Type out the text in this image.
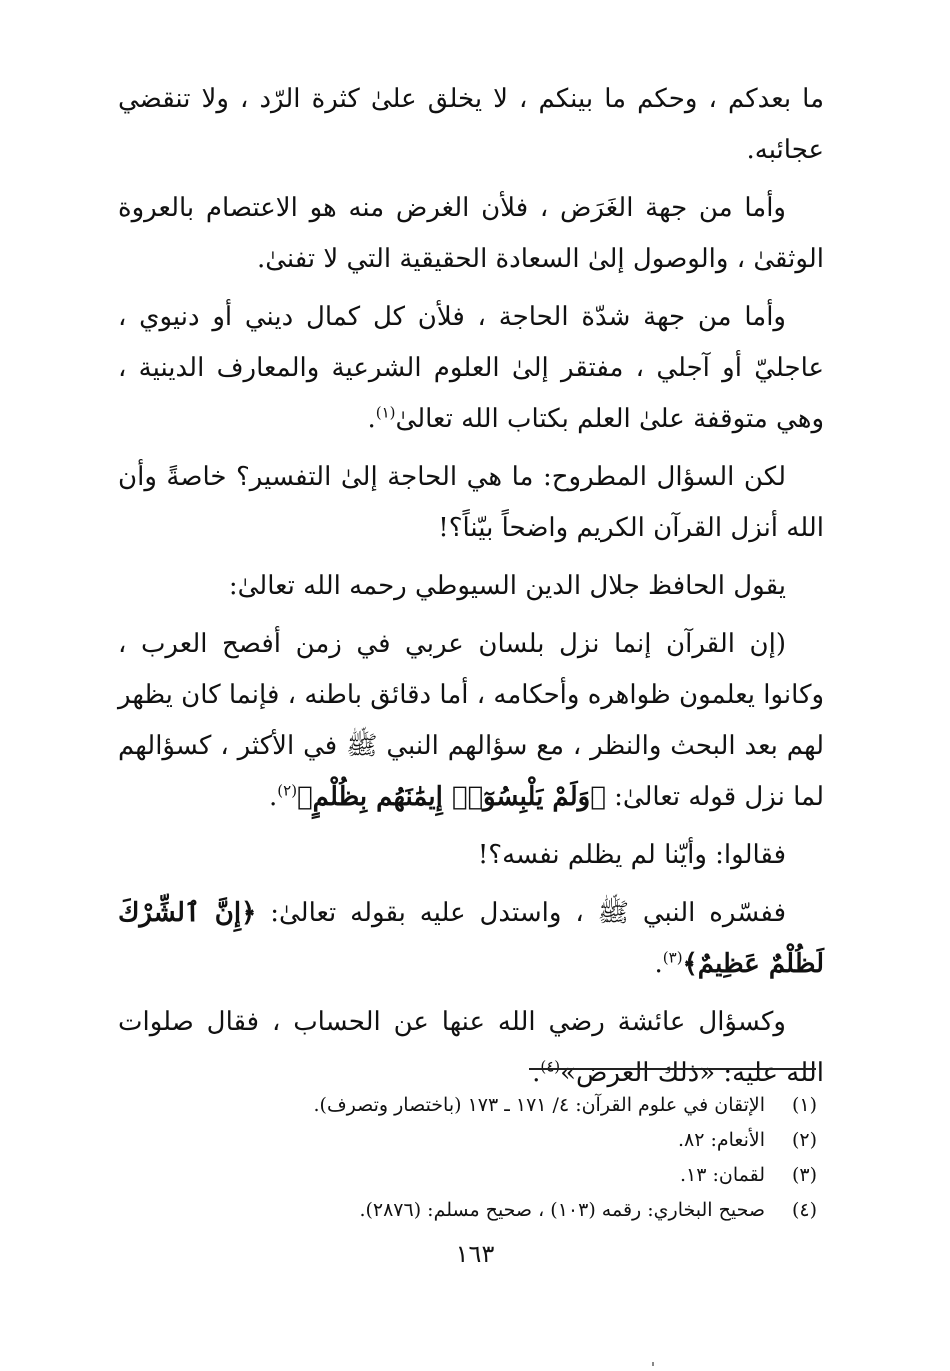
ما بعدكم ، وحكم ما بينكم ، لا يخلق علىٰ كثرة الرّد ، ولا تنقضي عجائبه.

وأما من جهة الغَرَض ، فلأن الغرض منه هو الاعتصام بالعروة الوثقىٰ ، والوصول إلىٰ السعادة الحقيقية التي لا تفنىٰ.

وأما من جهة شدّة الحاجة ، فلأن كل كمال ديني أو دنيوي ، عاجليّ أو آجلي ، مفتقر إلىٰ العلوم الشرعية والمعارف الدينية ، وهي متوقفة علىٰ العلم بكتاب الله تعالىٰ$^{(١)}$.

لكن السؤال المطروح: ما هي الحاجة إلىٰ التفسير؟ خاصةً وأن الله أنزل القرآن الكريم واضحاً بيّناً؟!

يقول الحافظ جلال الدين السيوطي رحمه الله تعالىٰ:

(إن القرآن إنما نزل بلسان عربي في زمن أفصح العرب ، وكانوا يعلمون ظواهره وأحكامه ، أما دقائق باطنه ، فإنما كان يظهر لهم بعد البحث والنظر ، مع سؤالهم النبي ﷺ في الأكثر ، كسؤالهم لما نزل قوله تعالىٰ: ﴿وَلَمْ يَلْبِسُوٓا۟ إِيمَٰنَهُم بِظُلْمٍ﴾$^{(٢)}$.

فقالوا: وأيّنا لم يظلم نفسه؟!

ففسّره النبي ﷺ ، واستدل عليه بقوله تعالىٰ: ﴿إِنَّ ٱلشِّرْكَ لَظُلْمٌ عَظِيمٌ﴾$^{(٣)}$.

وكسؤال عائشة رضي الله عنها عن الحساب ، فقال صلوات الله عليه: «ذلك العرض»$^{(٤)}$.

(١)
الإتقان في علوم القرآن: ٤/ ١٧١ ـ ١٧٣ (باختصار وتصرف).
(٢)
الأنعام: ٨٢.
(٣)
لقمان: ١٣.
(٤)
صحيح البخاري: رقمه (١٠٣) ، صحيح مسلم: (٢٨٧٦).
١٦٣
